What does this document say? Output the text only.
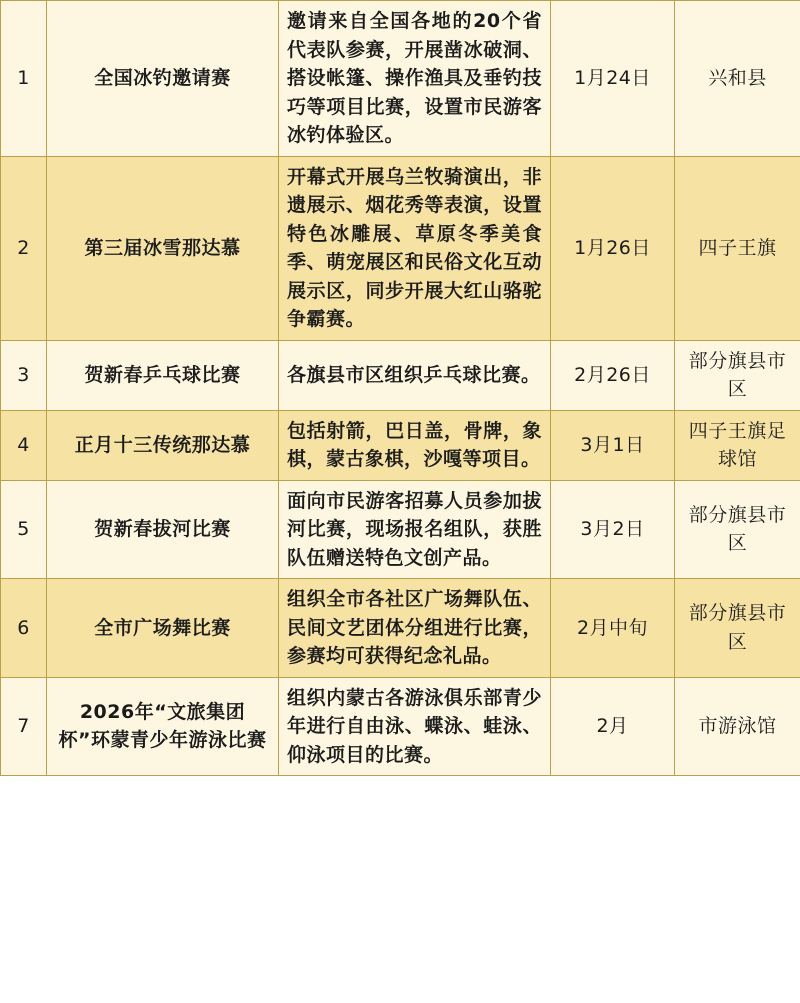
1	全国冰钓邀请赛	邀请来自全国各地的20个省代表队参赛，开展凿冰破洞、搭设帐篷、操作渔具及垂钓技巧等项目比赛，设置市民游客冰钓体验区。	1月24日	兴和县
2	第三届冰雪那达慕	开幕式开展乌兰牧骑演出，非遗展示、烟花秀等表演，设置特色冰雕展、草原冬季美食季、萌宠展区和民俗文化互动展示区，同步开展大红山骆驼争霸赛。	1月26日	四子王旗
3	贺新春乒乓球比赛	各旗县市区组织乒乓球比赛。	2月26日	部分旗县市区
4	正月十三传统那达慕	包括射箭，巴日盖，骨牌，象棋，蒙古象棋，沙嘎等项目。	3月1日	四子王旗足球馆
5	贺新春拔河比赛	面向市民游客招募人员参加拔河比赛，现场报名组队，获胜队伍赠送特色文创产品。	3月2日	部分旗县市区
6	全市广场舞比赛	组织全市各社区广场舞队伍、民间文艺团体分组进行比赛，参赛均可获得纪念礼品。	2月中旬	部分旗县市区
7	2026年“文旅集团杯”环蒙青少年游泳比赛	组织内蒙古各游泳俱乐部青少年进行自由泳、蝶泳、蛙泳、仰泳项目的比赛。	2月	市游泳馆
